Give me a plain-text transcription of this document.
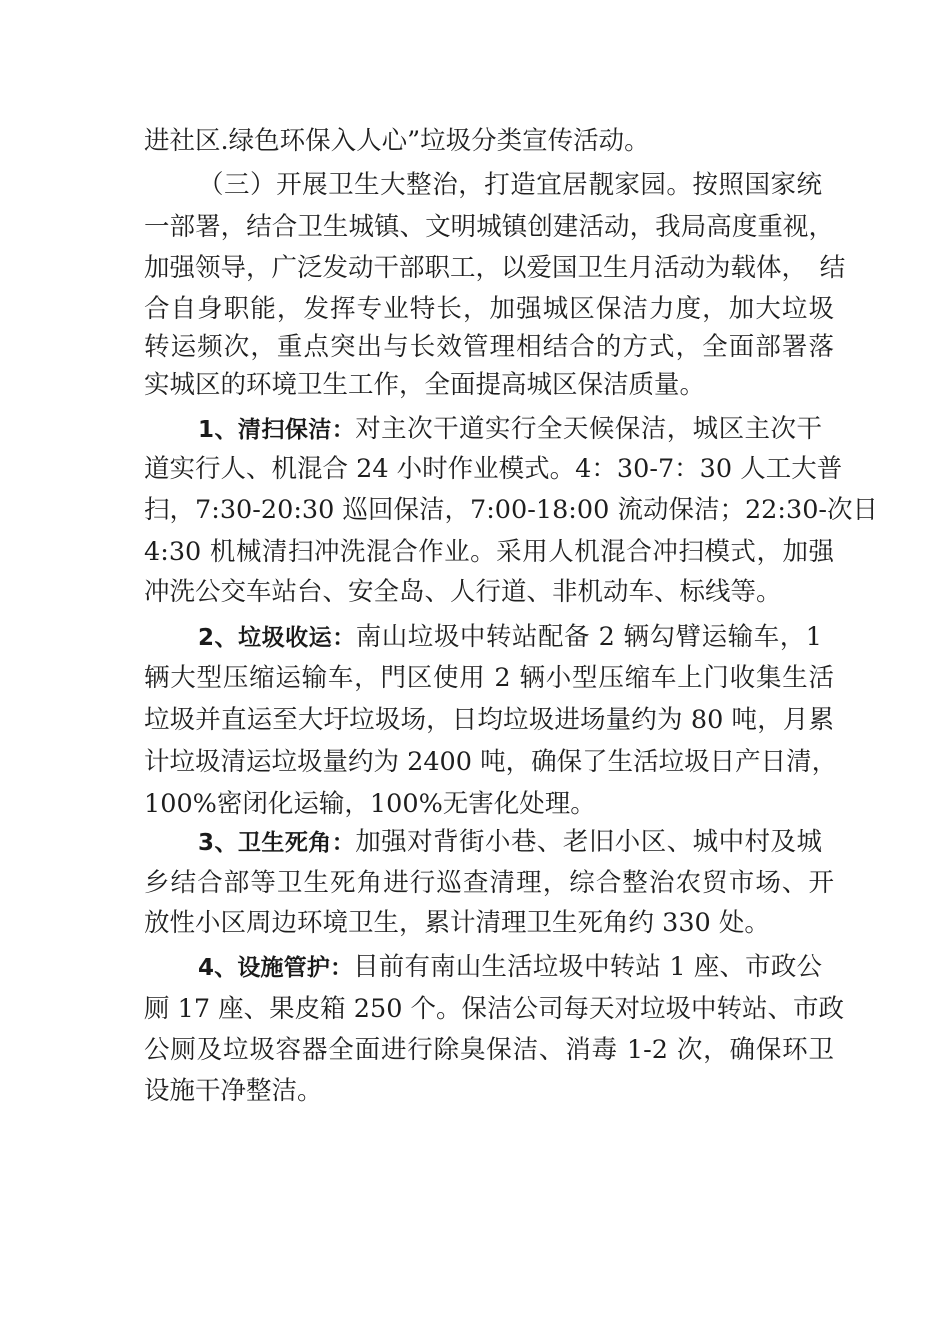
进社区.绿色环保入人心”垃圾分类宣传活动。
（三）开展卫生大整治，打造宜居靓家园。按照国家统
一部署，结合卫生城镇、文明城镇创建活动，我局高度重视，
加强领导，广泛发动干部职工，以爱国卫生月活动为载体，　结
合自身职能，发挥专业特长，加强城区保洁力度，加大垃圾
转运频次，重点突出与长效管理相结合的方式，全面部署落
实城区的环境卫生工作，全面提高城区保洁质量。
1、清扫保洁：对主次干道实行全天候保洁，城区主次干
道实行人、机混合 24 小时作业模式。4：30-7：30 人工大普
扫，7:30-20:30 巡回保洁，7:00-18:00 流动保洁；22:30-次日
4:30 机械清扫冲洗混合作业。采用人机混合冲扫模式，加强
冲洗公交车站台、安全岛、人行道、非机动车、标线等。
2、垃圾收运：南山垃圾中转站配备 2 辆勾臂运输车，1
辆大型压缩运输车，⾨区使用 2 辆小型压缩车上门收集生活
垃圾并直运至大圩垃圾场，日均垃圾进场量约为 80 吨，月累
计垃圾清运垃圾量约为 2400 吨，确保了生活垃圾日产日清，
100%密闭化运输，100%无害化处理。
3、卫生死角：加强对背街小巷、老旧小区、城中村及城
乡结合部等卫生死角进行巡查清理，综合整治农贸市场、开
放性小区周边环境卫生，累计清理卫生死角约 330 处。
4、设施管护：目前有南山生活垃圾中转站 1 座、市政公
厕 17 座、果皮箱 250 个。保洁公司每天对垃圾中转站、市政
公厕及垃圾容器全面进行除臭保洁、消毒 1-2 次，确保环卫
设施干净整洁。
